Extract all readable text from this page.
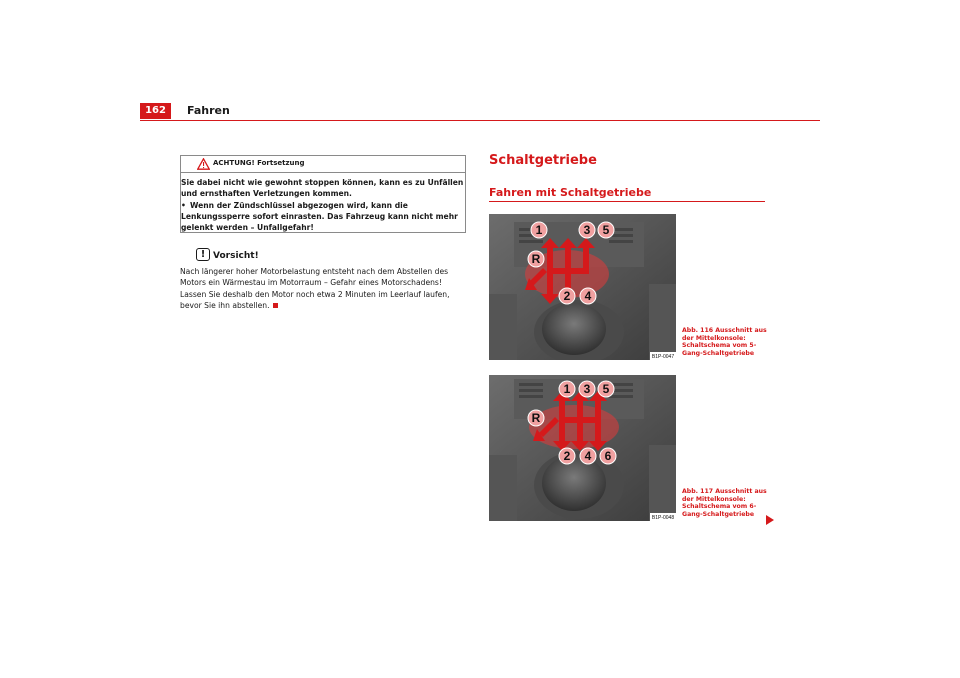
162	Fahren
ACHTUNG! Fortsetzung

Sie dabei nicht wie gewohnt stoppen können, kann es zu Unfällen und ernsthaften Verletzungen kommen.

• Wenn der Zündschlüssel abgezogen wird, kann die Lenkungssperre sofort einrasten. Das Fahrzeug kann nicht mehr gelenkt werden – Unfallgefahr!

! Vorsicht!

Nach längerer hoher Motorbelastung entsteht nach dem Abstellen des Motors ein Wärmestau im Motorraum – Gefahr eines Motorschadens! Lassen Sie deshalb den Motor noch etwa 2 Minuten im Leerlauf laufen, bevor Sie ihn abstellen.

Schaltgetriebe
Fahren mit Schaltgetriebe
1	3 5
R
2 4
B1P-0047
Abb. 116 Ausschnitt aus der Mittelkonsole: Schaltschema vom 5-Gang-Schaltgetriebe
1 3 5
R
2 4 6
B1P-0048
Abb. 117 Ausschnitt aus der Mittelkonsole: Schaltschema vom 6-Gang-Schaltgetriebe
